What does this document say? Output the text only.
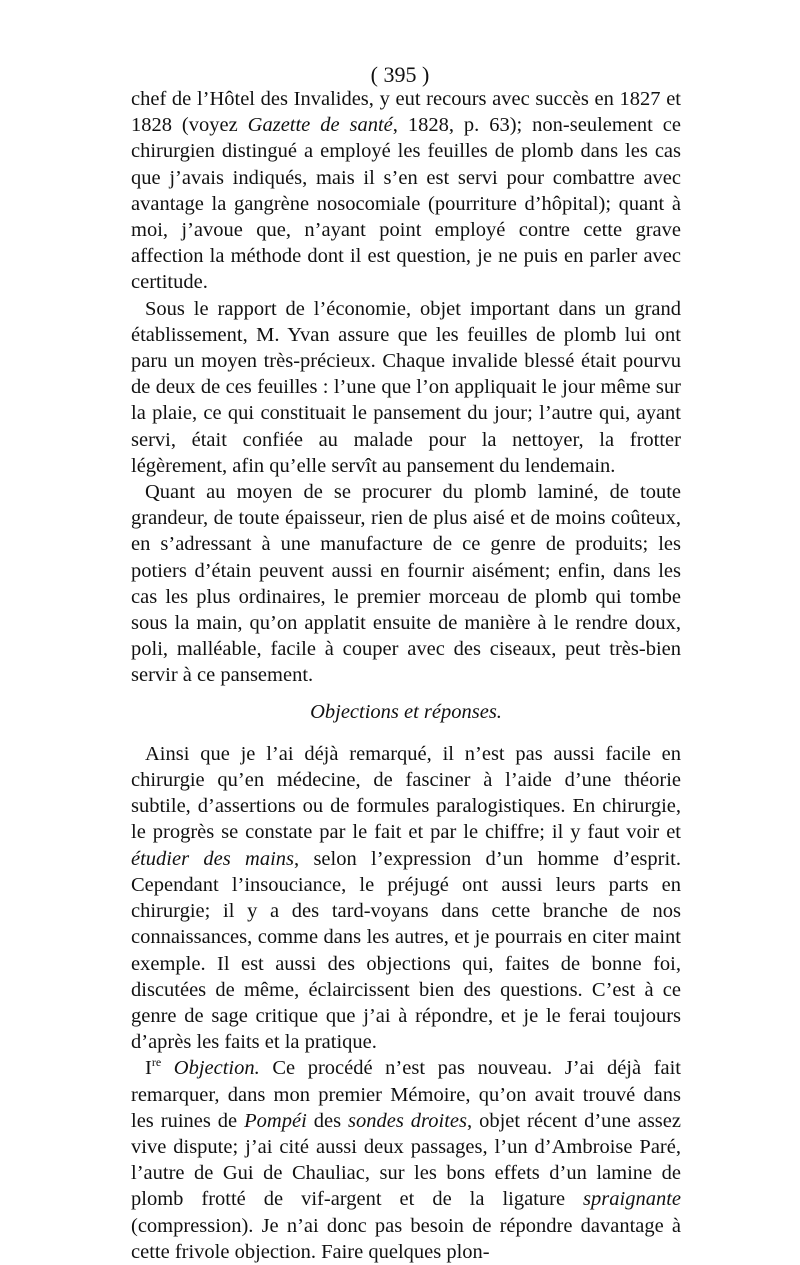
( 395 )

chef de l’Hôtel des Invalides, y eut recours avec succès en 1827 et 1828 (voyez Gazette de santé, 1828, p. 63); non-seulement ce chirurgien distingué a employé les feuilles de plomb dans les cas que j’avais indiqués, mais il s’en est servi pour combattre avec avantage la gangrène nosocomiale (pourriture d’hôpital); quant à moi, j’avoue que, n’ayant point employé contre cette grave affection la méthode dont il est question, je ne puis en parler avec certitude.

Sous le rapport de l’économie, objet important dans un grand établissement, M. Yvan assure que les feuilles de plomb lui ont paru un moyen très-précieux. Chaque invalide blessé était pourvu de deux de ces feuilles : l’une que l’on appliquait le jour même sur la plaie, ce qui constituait le pansement du jour; l’autre qui, ayant servi, était confiée au malade pour la nettoyer, la frotter légèrement, afin qu’elle servît au pansement du lendemain.

Quant au moyen de se procurer du plomb laminé, de toute grandeur, de toute épaisseur, rien de plus aisé et de moins coûteux, en s’adressant à une manufacture de ce genre de produits; les potiers d’étain peuvent aussi en fournir aisément; enfin, dans les cas les plus ordinaires, le premier morceau de plomb qui tombe sous la main, qu’on applatit ensuite de manière à le rendre doux, poli, malléable, facile à couper avec des ciseaux, peut très-bien servir à ce pansement.

Objections et réponses.

Ainsi que je l’ai déjà remarqué, il n’est pas aussi facile en chirurgie qu’en médecine, de fasciner à l’aide d’une théorie subtile, d’assertions ou de formules paralogistiques. En chirurgie, le progrès se constate par le fait et par le chiffre; il y faut voir et étudier des mains, selon l’expression d’un homme d’esprit. Cependant l’insouciance, le préjugé ont aussi leurs parts en chirurgie; il y a des tard-voyans dans cette branche de nos connaissances, comme dans les autres, et je pourrais en citer maint exemple. Il est aussi des objections qui, faites de bonne foi, discutées de même, éclaircissent bien des questions. C’est à ce genre de sage critique que j’ai à répondre, et je le ferai toujours d’après les faits et la pratique.

Ire Objection. Ce procédé n’est pas nouveau. J’ai déjà fait remarquer, dans mon premier Mémoire, qu’on avait trouvé dans les ruines de Pompéi des sondes droites, objet récent d’une assez vive dispute; j’ai cité aussi deux passages, l’un d’Ambroise Paré, l’autre de Gui de Chauliac, sur les bons effets d’un lamine de plomb frotté de vif-argent et de la ligature spraignante (compression). Je n’ai donc pas besoin de répondre davantage à cette frivole objection. Faire quelques plon-
